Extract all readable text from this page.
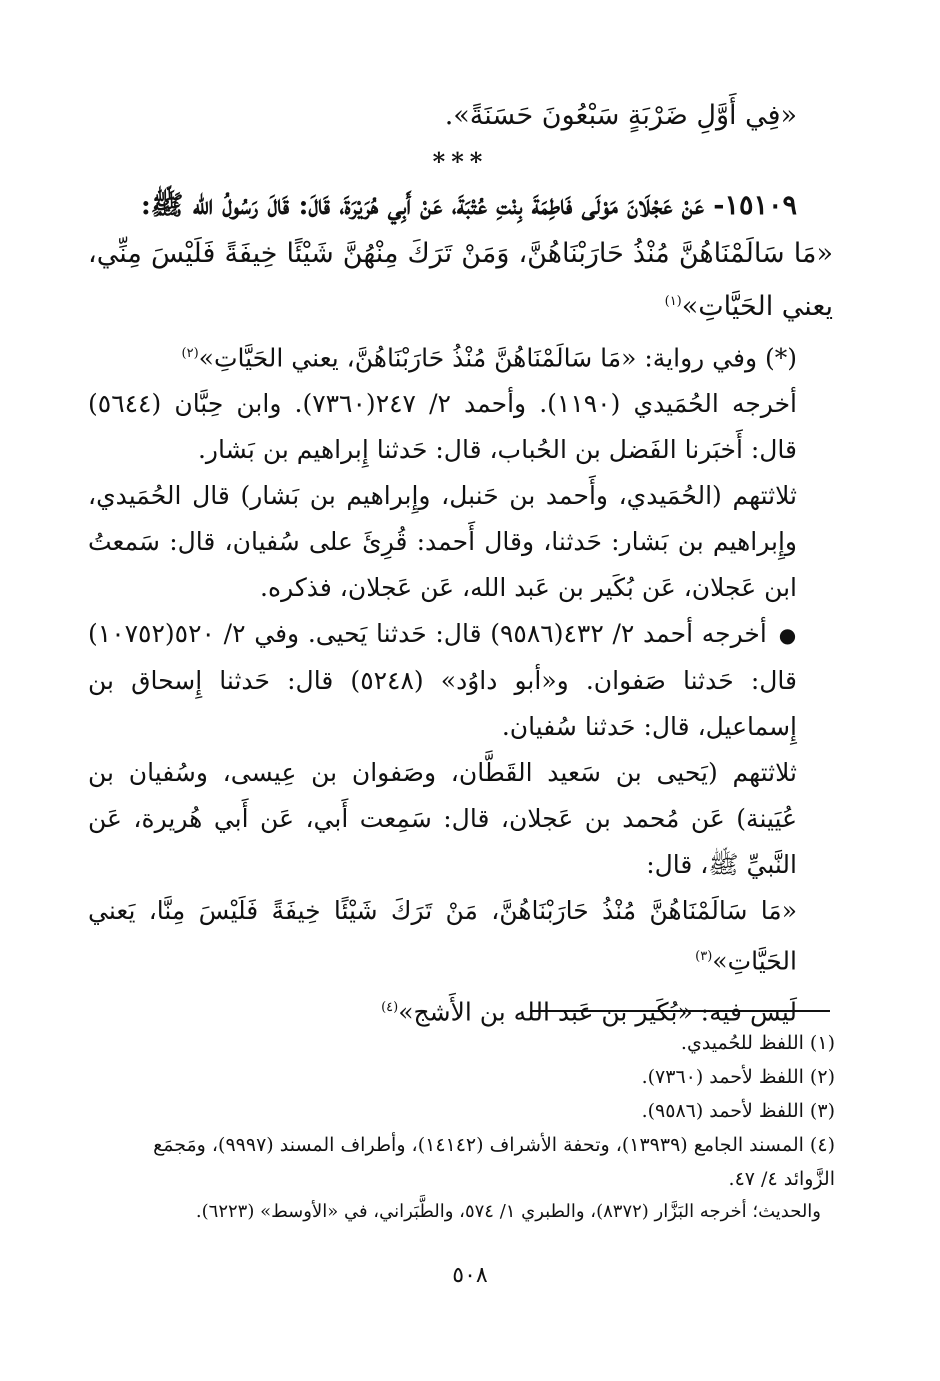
«فِي أَوَّلِ ضَرْبَةٍ سَبْعُونَ حَسَنَةً».

***

١٥١٠٩- عَنْ عَجْلَانَ مَوْلَى فَاطِمَةَ بِنْتِ عُتْبَةَ، عَنْ أَبِي هُرَيْرَةَ، قَالَ: قَالَ رَسُولُ الله ﷺ:

«مَا سَالَمْنَاهُنَّ مُنْذُ حَارَبْنَاهُنَّ، وَمَنْ تَرَكَ مِنْهُنَّ شَيْئًا خِيفَةً فَلَيْسَ مِنِّي، يعني الحَيَّاتِ»$^{(١)}$

(*) وفي رواية: «مَا سَالَمْنَاهُنَّ مُنْذُ حَارَبْنَاهُنَّ، يعني الحَيَّاتِ»$^{(٢)}$

أخرجه الحُمَيدي (١١٩٠). وأحمد ٢/ ٢٤٧(٧٣٦٠). وابن حِبَّان (٥٦٤٤) قال: أَخبَرنا الفَضل بن الحُباب، قال: حَدثنا إِبراهيم بن بَشار.

ثلاثتهم (الحُمَيدي، وأَحمد بن حَنبل، وإِبراهيم بن بَشار) قال الحُمَيدي، وإِبراهيم بن بَشار: حَدثنا، وقال أَحمد: قُرِئَ على سُفيان، قال: سَمعتُ ابن عَجلان، عَن بُكَير بن عَبد الله، عَن عَجلان، فذكره.

● أخرجه أحمد ٢/ ٤٣٢(٩٥٨٦) قال: حَدثنا يَحيى. وفي ٢/ ٥٢٠(١٠٧٥٢) قال: حَدثنا صَفوان. و«أبو داوُد» (٥٢٤٨) قال: حَدثنا إِسحاق بن إِسماعيل، قال: حَدثنا سُفيان.

ثلاثتهم (يَحيى بن سَعيد القَطَّان، وصَفوان بن عِيسى، وسُفيان بن عُيَينة) عَن مُحمد بن عَجلان، قال: سَمِعت أَبي، عَن أَبي هُريرة، عَن النَّبيِّ ﷺ، قال:

«مَا سَالَمْنَاهُنَّ مُنْذُ حَارَبْنَاهُنَّ، مَنْ تَرَكَ شَيْئًا خِيفَةً فَلَيْسَ مِنَّا، يَعني الحَيَّاتِ»$^{(٣)}$

لَيس فيه: «بُكَير بن عَبد الله بن الأَشج»$^{(٤)}$

(١) اللفظ للحُميدي.

(٢) اللفظ لأحمد (٧٣٦٠).

(٣) اللفظ لأحمد (٩٥٨٦).

(٤) المسند الجامع (١٣٩٣٩)، وتحفة الأشراف (١٤١٤٢)، وأطراف المسند (٩٩٩٧)، ومَجمَع الزَّوائد ٤/ ٤٧.

والحديث؛ أخرجه البَزَّار (٨٣٧٢)، والطبري ١/ ٥٧٤، والطَّبَراني، في «الأوسط» (٦٢٢٣).

٥٠٨
